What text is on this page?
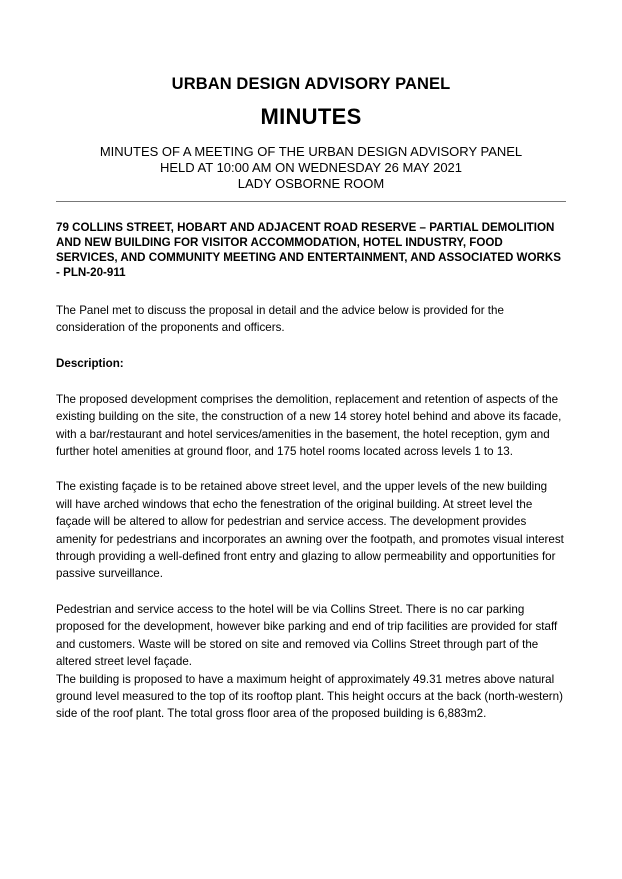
URBAN DESIGN ADVISORY PANEL
MINUTES
MINUTES OF A MEETING OF THE URBAN DESIGN ADVISORY PANEL
HELD AT 10:00 AM ON WEDNESDAY 26 MAY 2021
LADY OSBORNE ROOM
79 COLLINS STREET, HOBART AND ADJACENT ROAD RESERVE – PARTIAL DEMOLITION AND NEW BUILDING FOR VISITOR ACCOMMODATION, HOTEL INDUSTRY, FOOD SERVICES, AND COMMUNITY MEETING AND ENTERTAINMENT, AND ASSOCIATED WORKS - PLN-20-911

The Panel met to discuss the proposal in detail and the advice below is provided for the consideration of the proponents and officers.

Description:

The proposed development comprises the demolition, replacement and retention of aspects of the existing building on the site, the construction of a new 14 storey hotel behind and above its facade, with a bar/restaurant and hotel services/amenities in the basement, the hotel reception, gym and further hotel amenities at ground floor, and 175 hotel rooms located across levels 1 to 13.

The existing façade is to be retained above street level, and the upper levels of the new building will have arched windows that echo the fenestration of the original building. At street level the façade will be altered to allow for pedestrian and service access. The development provides amenity for pedestrians and incorporates an awning over the footpath, and promotes visual interest through providing a well-defined front entry and glazing to allow permeability and opportunities for passive surveillance.

Pedestrian and service access to the hotel will be via Collins Street. There is no car parking proposed for the development, however bike parking and end of trip facilities are provided for staff and customers. Waste will be stored on site and removed via Collins Street through part of the altered street level façade.

The building is proposed to have a maximum height of approximately 49.31 metres above natural ground level measured to the top of its rooftop plant. This height occurs at the back (north-western) side of the roof plant. The total gross floor area of the proposed building is 6,883m2.
